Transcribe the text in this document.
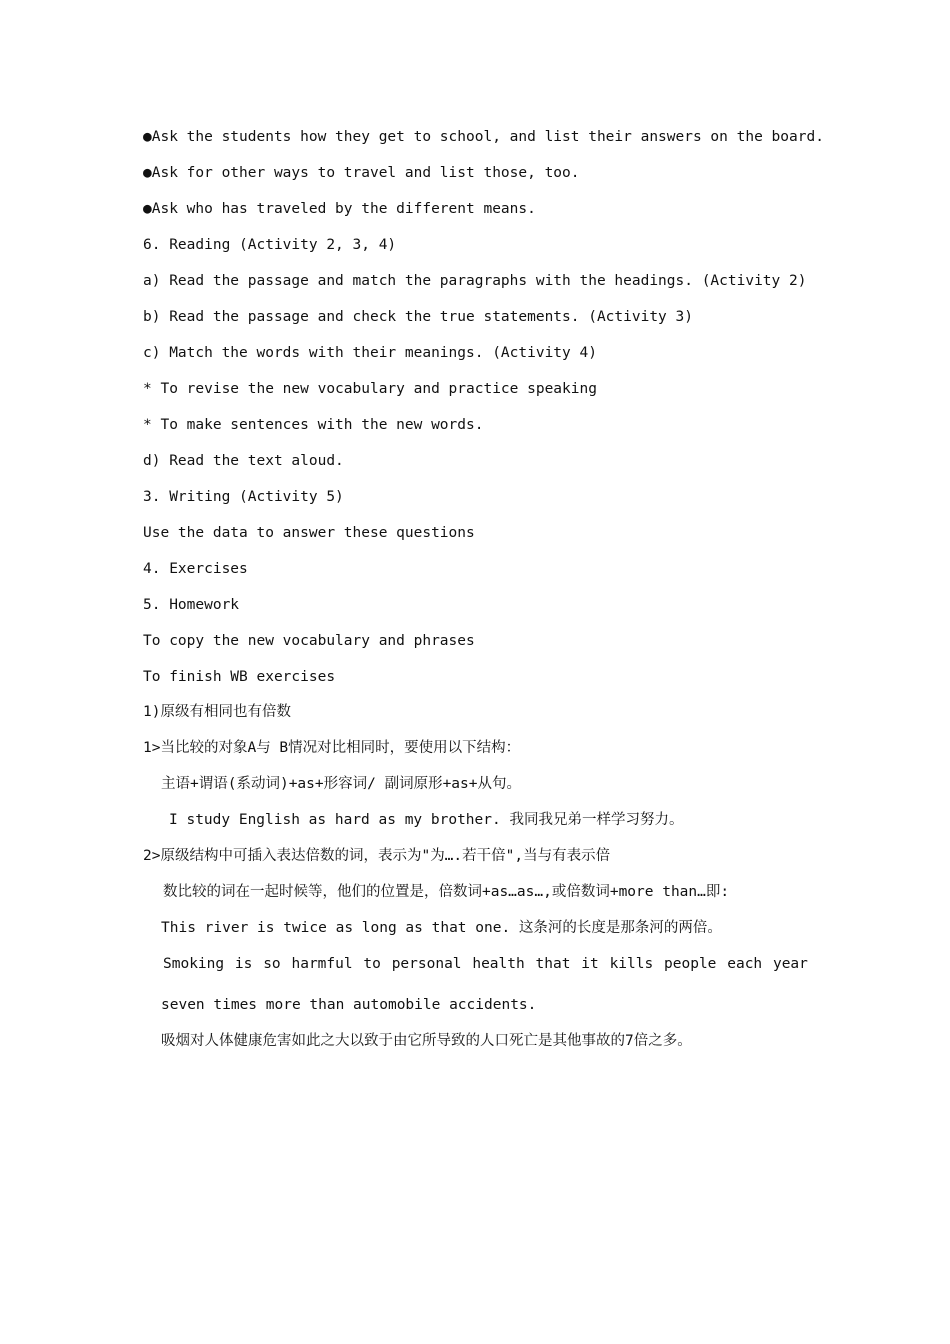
●Ask the students how they get to school, and list their answers on the board.
●Ask for other ways to travel and list those, too.
●Ask who has traveled by the different means.
6. Reading (Activity 2, 3, 4)
a) Read the passage and match the paragraphs with the headings. (Activity 2)
b) Read the passage and check the true statements. (Activity 3)
c) Match the words with their meanings. (Activity 4)
* To revise the new vocabulary and practice speaking
* To make sentences with the new words.
d) Read the text aloud.
3. Writing (Activity 5)
Use the data to answer these questions
4. Exercises
5. Homework
To copy the new vocabulary and phrases
To finish WB exercises
1)原级有相同也有倍数
1>当比较的对象A与 B情况对比相同时，要使用以下结构：
主语+谓语(系动词)+as+形容词/ 副词原形+as+从句。
I study English as hard as my brother. 我同我兄弟一样学习努力。
2>原级结构中可插入表达倍数的词，表示为"为….若干倍",当与有表示倍
数比较的词在一起时候等，他们的位置是，倍数词+as…as…,或倍数词+more than…即:
This river is twice as long as that one. 这条河的长度是那条河的两倍。
Smoking is so harmful to personal health that it kills people each year
seven times more than automobile accidents.
吸烟对人体健康危害如此之大以致于由它所导致的人口死亡是其他事故的7倍之多。
